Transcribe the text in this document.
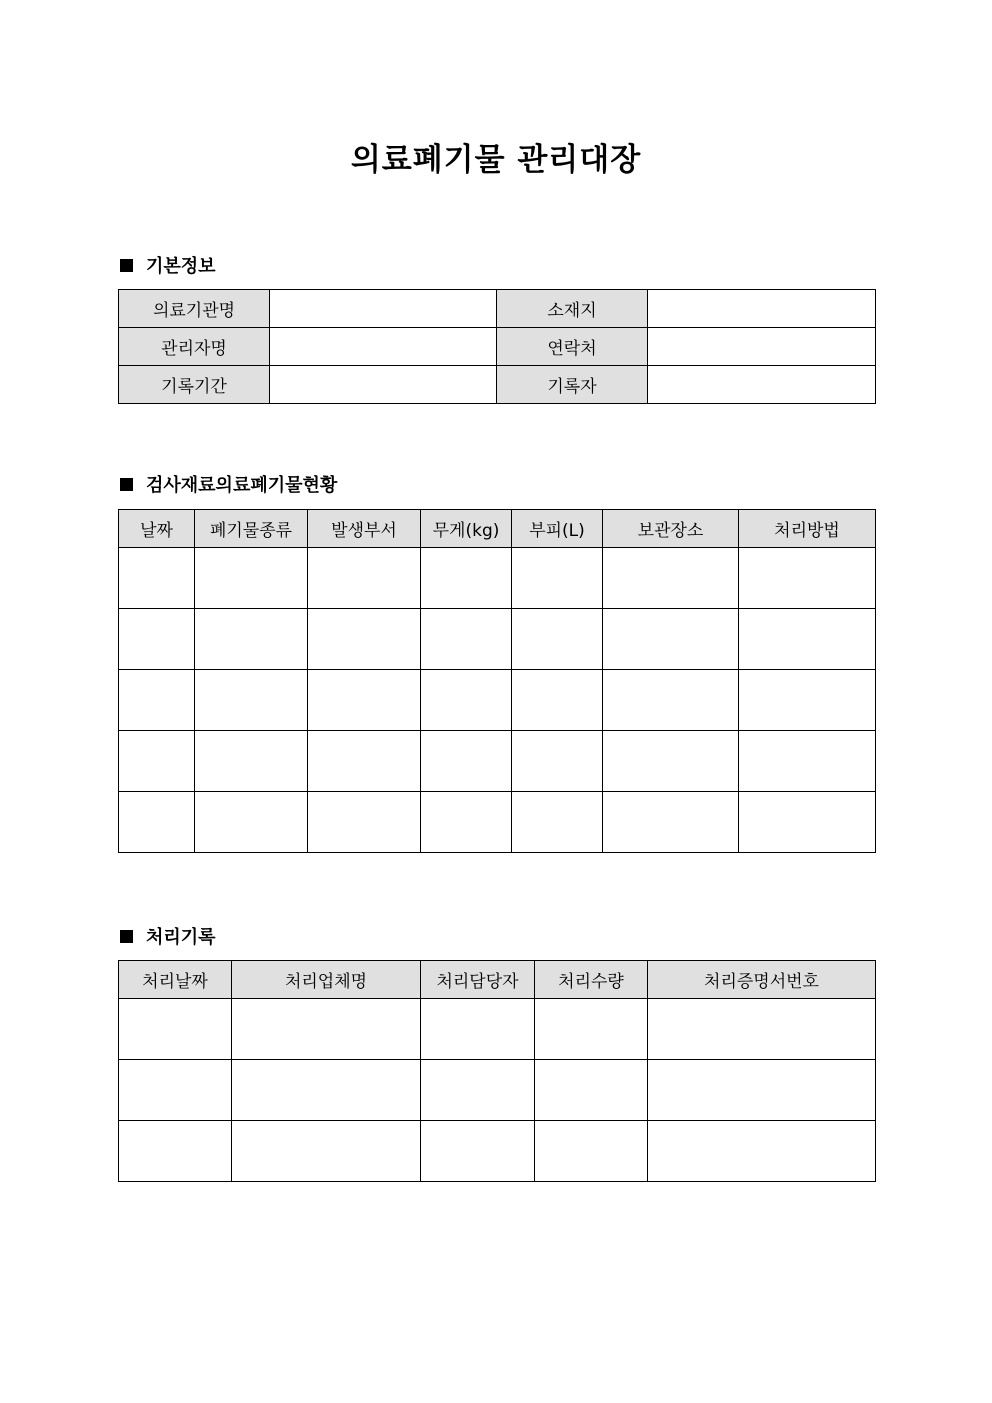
의료폐기물 관리대장
기본정보
의료기관명		소재지	
관리자명		연락처	
기록기간		기록자	
검사재료의료폐기물현황
날짜	폐기물종류	발생부서	무게(kg)	부피(L)	보관장소	처리방법

처리기록
처리날짜	처리업체명	처리담당자	처리수량	처리증명서번호
